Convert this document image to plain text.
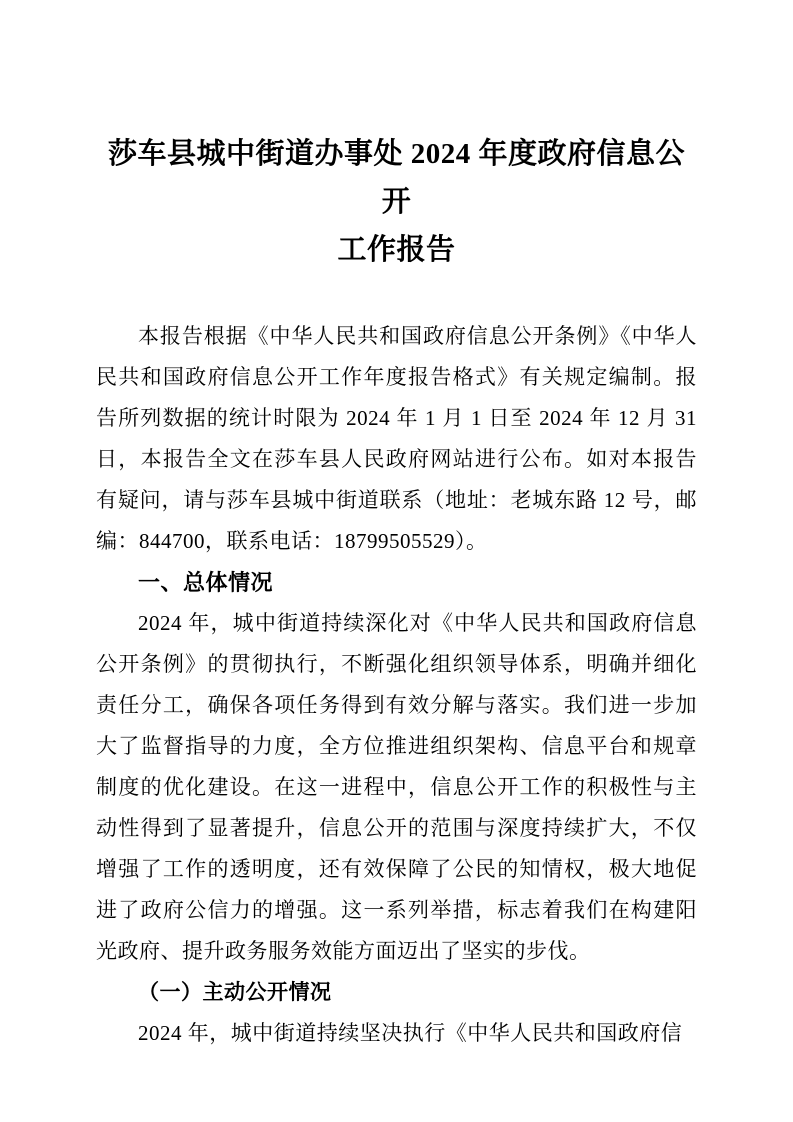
莎车县城中街道办事处 2024 年度政府信息公开
工作报告

本报告根据《中华人民共和国政府信息公开条例》《中华人民共和国政府信息公开工作年度报告格式》有关规定编制。报告所列数据的统计时限为 2024 年 1 月 1 日至 2024 年 12 月 31 日，本报告全文在莎车县人民政府网站进行公布。如对本报告有疑问，请与莎车县城中街道联系（地址：老城东路 12 号，邮编：844700，联系电话：18799505529）。

一、总体情况

2024 年，城中街道持续深化对《中华人民共和国政府信息公开条例》的贯彻执行，不断强化组织领导体系，明确并细化责任分工，确保各项任务得到有效分解与落实。我们进一步加大了监督指导的力度，全方位推进组织架构、信息平台和规章制度的优化建设。在这一进程中，信息公开工作的积极性与主动性得到了显著提升，信息公开的范围与深度持续扩大，不仅增强了工作的透明度，还有效保障了公民的知情权，极大地促进了政府公信力的增强。这一系列举措，标志着我们在构建阳光政府、提升政务服务效能方面迈出了坚实的步伐。

（一）主动公开情况

2024 年，城中街道持续坚决执行《中华人民共和国政府信
